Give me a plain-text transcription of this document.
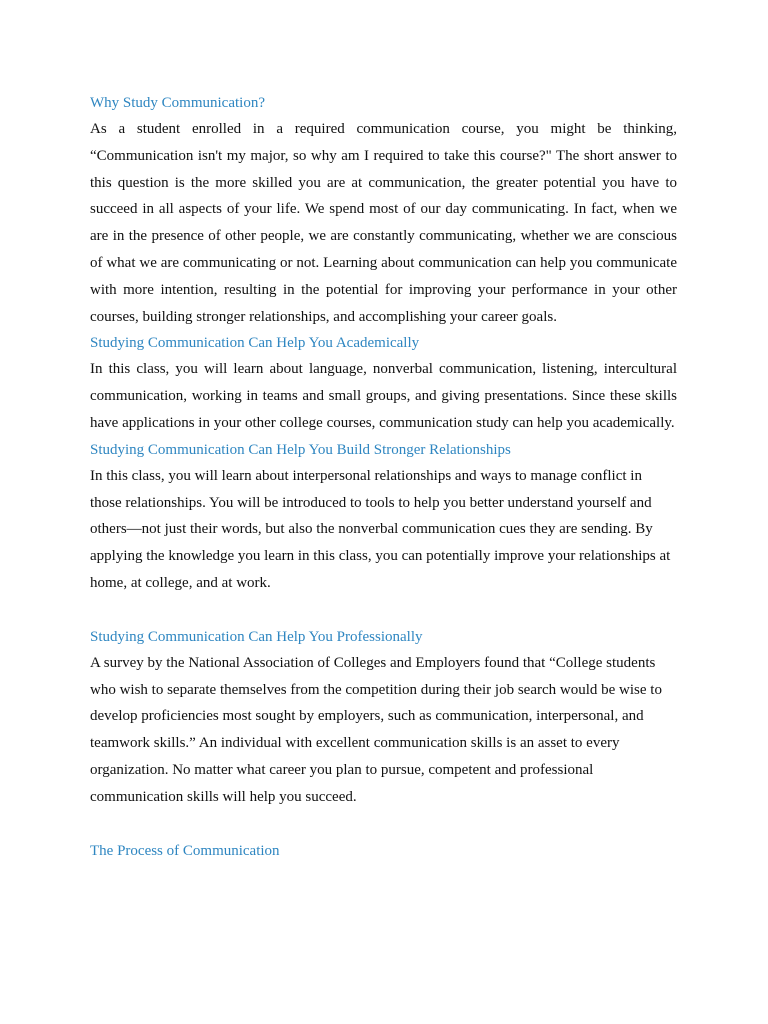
Why Study Communication?

As a student enrolled in a required communication course, you might be thinking, “Communication isn't my major, so why am I required to take this course?" The short answer to this question is the more skilled you are at communication, the greater potential you have to succeed in all aspects of your life. We spend most of our day communicating. In fact, when we are in the presence of other people, we are constantly communicating, whether we are conscious of what we are communicating or not. Learning about communication can help you communicate with more intention, resulting in the potential for improving your performance in your other courses, building stronger relationships, and accomplishing your career goals.

Studying Communication Can Help You Academically

In this class, you will learn about language, nonverbal communication, listening, intercultural communication, working in teams and small groups, and giving presentations. Since these skills have applications in your other college courses, communication study can help you academically.

Studying Communication Can Help You Build Stronger Relationships

In this class, you will learn about interpersonal relationships and ways to manage conflict in those relationships. You will be introduced to tools to help you better understand yourself and others—not just their words, but also the nonverbal communication cues they are sending. By applying the knowledge you learn in this class, you can potentially improve your relationships at home, at college, and at work.

Studying Communication Can Help You Professionally

A survey by the National Association of Colleges and Employers found that “College students who wish to separate themselves from the competition during their job search would be wise to develop proficiencies most sought by employers, such as communication, interpersonal, and teamwork skills.” An individual with excellent communication skills is an asset to every organization. No matter what career you plan to pursue, competent and professional communication skills will help you succeed.

The Process of Communication
